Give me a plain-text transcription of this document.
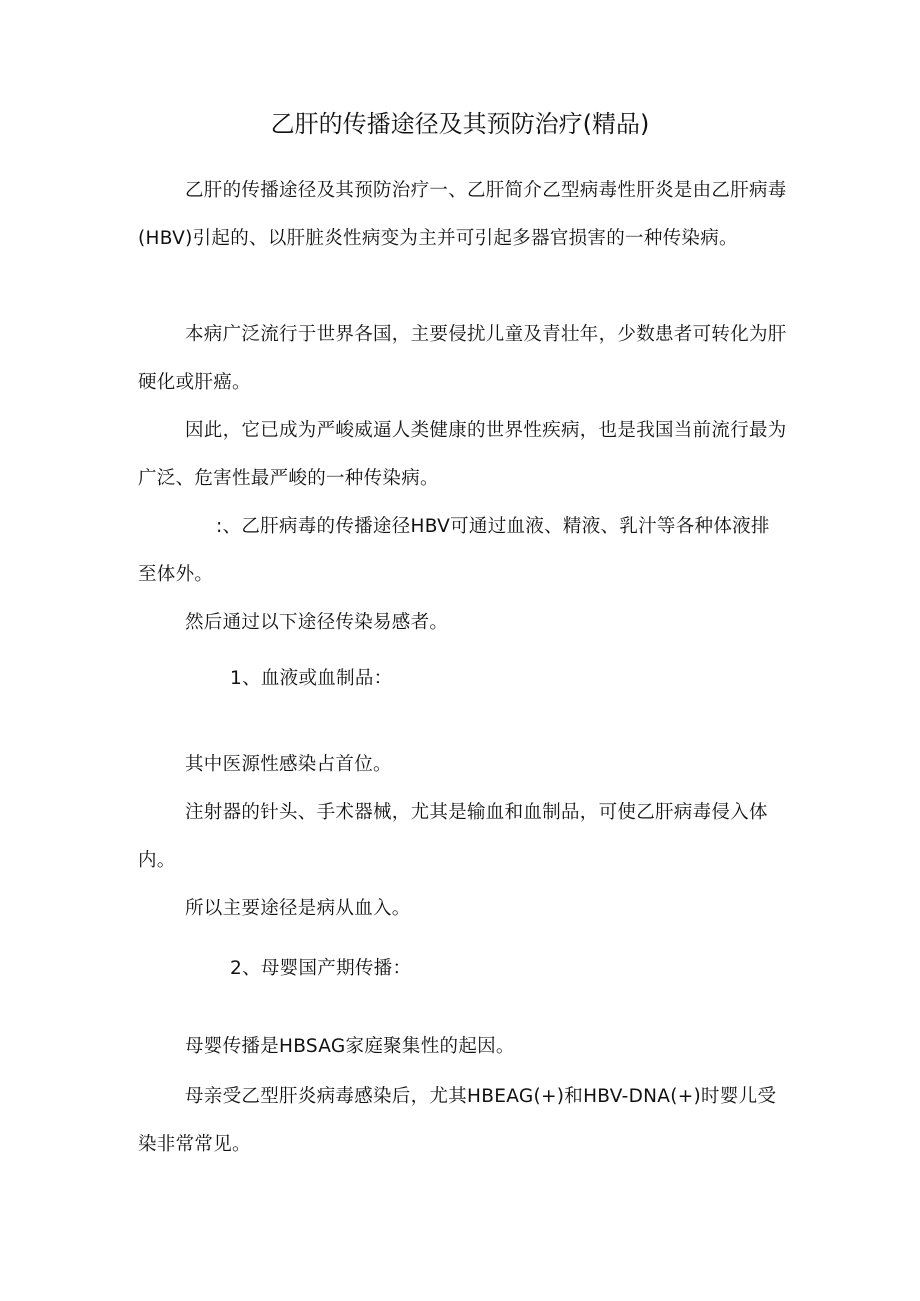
乙肝的传播途径及其预防治疗(精品)

乙肝的传播途径及其预防治疗一、乙肝简介乙型病毒性肝炎是由乙肝病毒(HBV)引起的、以肝脏炎性病变为主并可引起多器官损害的一种传染病。

本病广泛流行于世界各国，主要侵扰儿童及青壮年，少数患者可转化为肝硬化或肝癌。

因此，它已成为严峻威逼人类健康的世界性疾病，也是我国当前流行最为广泛、危害性最严峻的一种传染病。

:、乙肝病毒的传播途径HBV可通过血液、精液、乳汁等各种体液排至体外。

然后通过以下途径传染易感者。

1、血液或血制品：

其中医源性感染占首位。

注射器的针头、手术器械，尤其是输血和血制品，可使乙肝病毒侵入体内。

所以主要途径是病从血入。

2、母婴国产期传播：

母婴传播是HBSAG家庭聚集性的起因。

母亲受乙型肝炎病毒感染后，尤其HBEAG(+)和HBV-DNA(+)时婴儿受染非常常见。
